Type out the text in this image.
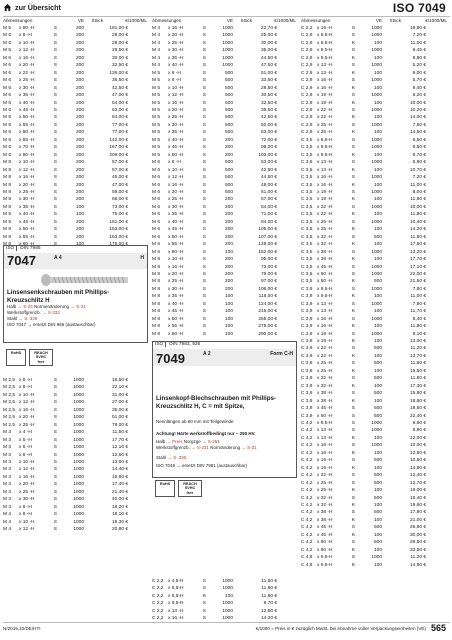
zur Übersicht	ISO 7049
Abmessungen	VE	Stück	€/1000/ML
M 5	x 80 -H	S	200	181,00 €
M 6	x 8 -H	S	200	28,00 €
M 6	x 10 -H	S	200	28,00 €
M 6	x 12 -H	S	200	29,50 €
M 6	x 16 -H	S	200	30,00 €
M 6	x 20 -H	S	200	32,50 €
M 6	x 22 -H	S	200	126,00 €
M 6	x 25 -H	S	200	36,50 €
M 6	x 30 -H	S	200	42,50 €
M 6	x 35 -H	S	200	47,00 €
M 6	x 40 -H	S	200	54,00 €
M 6	x 45 -H	S	200	63,00 €
M 6	x 50 -H	S	200	64,00 €
M 6	x 55 -H	S	200	77,00 €
M 6	x 60 -H	S	200	77,00 €
M 6	x 65 -H	S	200	142,00 €
M 6	x 70 -H	S	200	167,00 €
M 6	x 80 -H	S	200	209,00 €
M 8	x 10 -H	S	200	57,00 €
M 8	x 12 -H	S	200	57,00 €
M 8	x 16 -H	S	200	45,00 €
M 8	x 20 -H	S	200	47,00 €
M 8	x 25 -H	S	200	59,00 €
M 8	x 30 -H	S	200	66,00 €
M 8	x 35 -H	S	100	73,00 €
M 8	x 40 -H	S	100	75,00 €
M 8	x 45 -H	S	200	151,00 €
M 8	x 50 -H	S	200	153,00 €
M 8	x 55 -H	S	200	163,00 €
M 8	x 60 -H	S	100	175,00 €
ISO	DIN 7985
7047	A 4	H
Linsensenkschrauben mit Phillips-Kreuzschlitz H
Halb → S-24 Normenänderung → S-31
Werkstoffgrenzb. → S-332
Stahl → S. 339
ISO 7047 → ersetzt DIN 966 (austauschbar)
RoHS	REACH SVHC free
M 2,5 x 6 -H	S	1000	16,50 €
M 2,5 x 8 -H	S	1000	22,10 €
M 2,5 x 10 -H	S	1000	31,00 €
M 2,5 x 12 -H	S	1000	27,00 €
M 2,5 x 16 -H	S	1000	35,00 €
M 2,5 x 20 -H	S	1000	51,00 €
M 2,5 x 25 -H	S	1000	78,00 €
M 3	x 4 -H	S	1000	11,50 €
M 3	x 5 -H	S	1000	17,70 €
M 3	x 6 -H	S	1000	12,10 €
M 3	x 8 -H	S	1000	12,60 €
M 3	x 10 -H	S	1000	13,60 €
M 3	x 12 -H	S	1000	14,40 €
M 3	x 16 -H	S	1000	15,60 €
M 3	x 20 -H	S	1000	17,40 €
M 3	x 25 -H	S	1000	21,40 €
M 3	x 30 -H	S	1000	40,00 €
M 4	x 6 -H	S	1000	18,20 €
M 4	x 8 -H	S	1000	18,10 €
M 4	x 10 -H	S	1000	19,30 €
M 4	x 12 -H	S	1000	20,80 €
Abmessungen	VE	Stück	€/1000/ML
M 4	x 16 -H	S	1000	22,70 €
M 4	x 20 -H	S	1000	25,00 €
M 4	x 25 -H	S	1000	30,00 €
M 4	x 30 -H	S	1000	35,00 €
M 4	x 35 -H	S	1000	44,50 €
M 4	x 40 -H	S	1000	47,50 €
M 5	x 6 -H	S	500	51,00 €
M 5	x 8 -H	S	500	33,50 €
M 5	x 10 -H	S	500	28,50 €
M 5	x 12 -H	S	500	30,50 €
M 5	x 16 -H	S	500	32,50 €
M 5	x 20 -H	S	500	35,50 €
M 5	x 25 -H	S	500	42,50 €
M 5	x 30 -H	S	500	50,00 €
M 5	x 35 -H	S	500	63,00 €
M 5	x 40 -H	S	200	72,00 €
M 5	x 45 -H	S	200	98,00 €
M 5	x 50 -H	S	200	103,00 €
M 6	x 8 -H	S	500	63,00 €
M 6	x 10 -H	S	500	42,50 €
M 6	x 12 -H	S	500	44,50 €
M 6	x 16 -H	S	500	48,00 €
M 6	x 20 -H	S	500	51,00 €
M 6	x 25 -H	S	200	57,00 €
M 6	x 30 -H	S	200	64,00 €
M 6	x 35 -H	S	200	71,00 €
M 6	x 40 -H	S	200	84,00 €
M 6	x 45 -H	S	200	105,00 €
M 6	x 50 -H	S	200	107,00 €
M 6	x 55 -H	S	200	128,00 €
M 6	x 60 -H	S	100	152,00 €
M 8	x 10 -H	S	200	95,00 €
M 8	x 16 -H	S	200	73,00 €
M 8	x 20 -H	S	200	79,00 €
M 8	x 25 -H	S	200	97,00 €
M 8	x 30 -H	S	200	106,00 €
M 8	x 35 -H	S	100	118,00 €
M 8	x 40 -H	S	100	124,00 €
M 8	x 45 -H	S	100	215,00 €
M 8	x 50 -H	S	100	255,00 €
M 8	x 55 -H	S	100	278,00 €
M 8	x 60 -H	S	100	290,00 €
ISO	DIN 7983, 926
7049	A 2	Form C-H
Linsenkopf-Blechschrauben mit Phillips-Kreuzschlitz H, C = mit Spitze,
Nennlängen ab 60 mm mit Teilgewinde
Achtung! Härte werkstoffbedingt nur ~ 250 HV.
Halb → Preis Norgzge → S-251
Werkstoffgrenzb. → S-231 Normänderung → S-31
Stahl → S. 330
ISO 7049 → ersetzt DIN 7981 (austauschbar)
RoHS	REACH SVHC free
C 2,2 x 4,5-H	S	1000	11,60 €
C 2,2 x 6,5-H	S	1000	11,80 €
C 2,2 x 6,5-H	K	100	11,80 €
C 2,2 x 9,5-H	S	1000	9,70 €
C 2,2 x 13 -H	S	1000	12,60 €
C 2,2 x 16 -H	S	1000	14,20 €
Abmessungen	VE	Stück	€/1000/ML
C 2,2 x 19 -H	S	1000	19,80 €
C 2,9 x 6,5-H	S	1000	7,20 €
C 2,9 x 6,5-H	K	100	11,00 €
C 2,9 x 9,5-H	S	1000	9,45 €
C 2,9 x 9,5-H	K	100	8,80 €
C 2,9 x 13 -H	S	1000	5,20 €
C 2,9 x 13 -H	K	100	9,00 €
C 2,9 x 16 -H	S	1000	5,70 €
C 2,9 x 16 -H	K	100	9,40 €
C 2,9 x 19 -H	S	1000	6,20 €
C 2,9 x 19 -H	K	100	10,00 €
C 2,9 x 22 -H	S	1000	10,20 €
C 2,9 x 22 -H	K	100	14,00 €
C 2,9 x 25 -H	S	1000	7,60 €
C 2,9 x 25 -H	K	100	14,50 €
C 3,5 x 6,5-H	S	1000	6,50 €
C 3,5 x 9,5-H	S	1000	6,50 €
C 3,5 x 9,5-H	K	100	6,70 €
C 3,5 x 13 -H	S	1000	6,90 €
C 3,5 x 13 -H	K	100	10,70 €
C 3,5 x 16 -H	S	1000	7,20 €
C 3,5 x 16 -H	K	100	11,00 €
C 3,5 x 19 -H	S	1000	8,00 €
C 3,5 x 19 -H	K	100	11,80 €
C 3,5 x 22 -H	S	1000	10,00 €
C 3,5 x 22 -H	K	100	11,80 €
C 3,5 x 25 -H	S	1000	10,40 €
C 3,5 x 25 -H	K	100	14,20 €
C 3,5 x 32 -H	S	500	11,80 €
C 3,5 x 32 -H	K	100	17,60 €
C 3,5 x 38 -H	S	1000	13,20 €
C 3,5 x 38 -H	K	100	17,70 €
C 3,5 x 45 -H	S	1000	17,10 €
C 3,5 x 50 -H	S	1000	22,00 €
C 3,5 x 50 -H	K	500	21,50 €
C 3,9 x 9,5-H	S	1000	7,80 €
C 3,9 x 9,5-H	K	100	11,00 €
C 3,9 x 13 -H	S	1000	7,80 €
C 3,9 x 13 -H	K	100	11,70 €
C 3,9 x 16 -H	S	1000	8,40 €
C 3,9 x 16 -H	K	100	11,80 €
C 3,9 x 19 -H	S	1000	9,10 €
C 3,9 x 19 -H	K	100	13,00 €
C 3,9 x 22 -H	S	500	11,20 €
C 3,9 x 22 -H	K	100	13,70 €
C 3,9 x 25 -H	S	500	11,60 €
C 3,9 x 25 -H	K	100	15,50 €
C 3,9 x 32 -H	S	500	11,80 €
C 3,9 x 32 -H	K	100	17,30 €
C 3,9 x 38 -H	S	500	15,80 €
C 3,9 x 38 -H	K	100	18,80 €
C 3,9 x 45 -H	S	500	19,50 €
C 3,9 x 50 -H	S	500	22,40 €
C 4,2 x 9,5-H	S	1000	8,80 €
C 4,2 x 13 -H	S	1000	8,90 €
C 4,2 x 13 -H	K	100	12,00 €
C 4,2 x 16 -H	S	1000	10,00 €
C 4,2 x 16 -H	K	100	12,80 €
C 4,2 x 19 -H	S	500	10,60 €
C 4,2 x 19 -H	K	100	14,80 €
C 4,2 x 22 -H	S	500	12,40 €
C 4,2 x 25 -H	S	500	12,70 €
C 4,2 x 25 -H	K	100	16,00 €
C 4,2 x 32 -H	S	500	16,40 €
C 4,2 x 32 -H	K	100	19,60 €
C 4,2 x 38 -H	S	500	17,80 €
C 4,2 x 38 -H	K	100	21,00 €
C 4,2 x 45 -H	S	500	26,80 €
C 4,2 x 45 -H	K	100	30,00 €
C 4,2 x 50 -H	S	500	29,50 €
C 4,2 x 50 -H	K	100	33,50 €
C 4,8 x 9,5-H	S	1000	11,20 €
C 4,8 x 9,5-H	K	100	14,90 €
N/2019,10/DE/HTI	€/1000 = Preis in € zuzüglich MwSt. bei Abnahme voller Verpackungseinheiten (VE) 565
